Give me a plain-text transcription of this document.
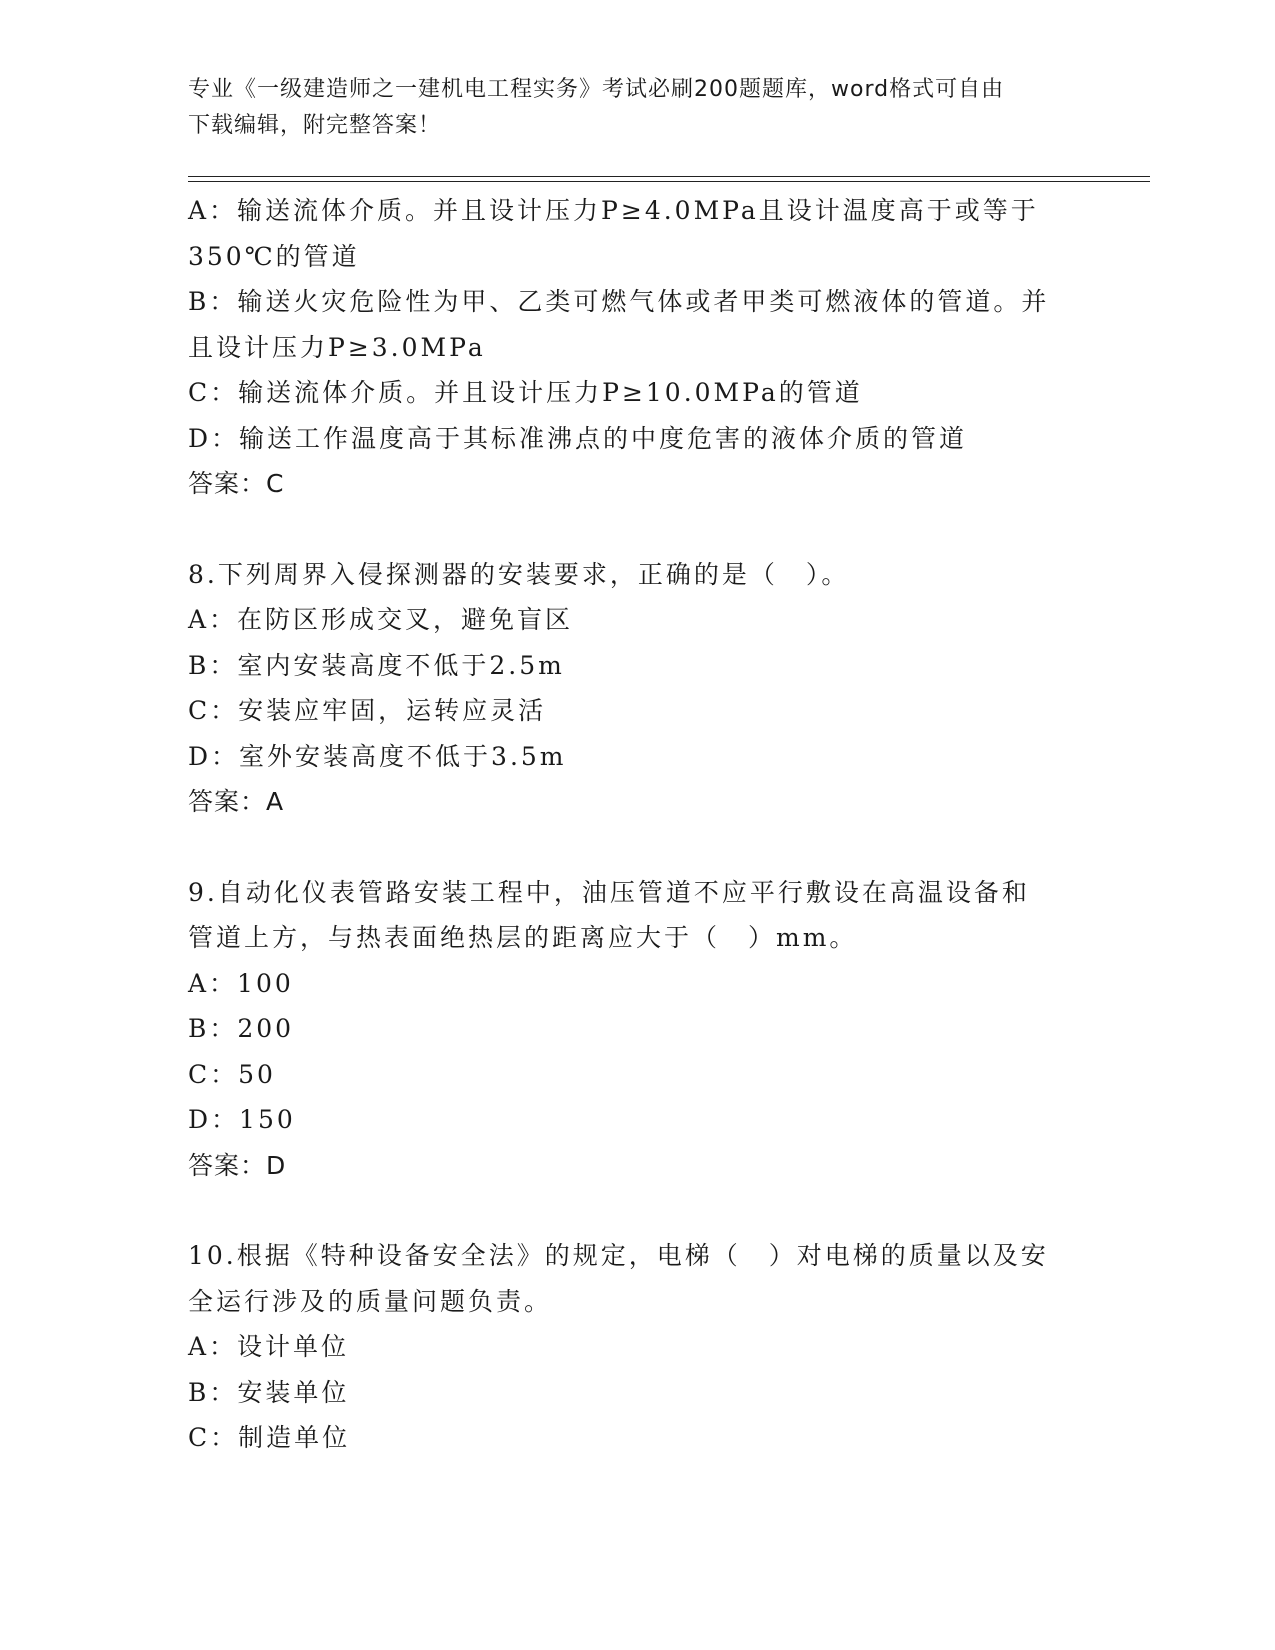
专业《一级建造师之一建机电工程实务》考试必刷200题题库，word格式可自由
下载编辑，附完整答案！
A：输送流体介质。并且设计压力P≥4.0MPa且设计温度高于或等于
350℃的管道
B：输送火灾危险性为甲、乙类可燃气体或者甲类可燃液体的管道。并
且设计压力P≥3.0MPa
C：输送流体介质。并且设计压力P≥10.0MPa的管道
D：输送工作温度高于其标准沸点的中度危害的液体介质的管道
答案：C
8.下列周界入侵探测器的安装要求，正确的是（　）。
A：在防区形成交叉，避免盲区
B：室内安装高度不低于2.5m
C：安装应牢固，运转应灵活
D：室外安装高度不低于3.5m
答案：A
9.自动化仪表管路安装工程中，油压管道不应平行敷设在高温设备和
管道上方，与热表面绝热层的距离应大于（　）mm。
A：100
B：200
C：50
D：150
答案：D
10.根据《特种设备安全法》的规定，电梯（　）对电梯的质量以及安
全运行涉及的质量问题负责。
A：设计单位
B：安装单位
C：制造单位
